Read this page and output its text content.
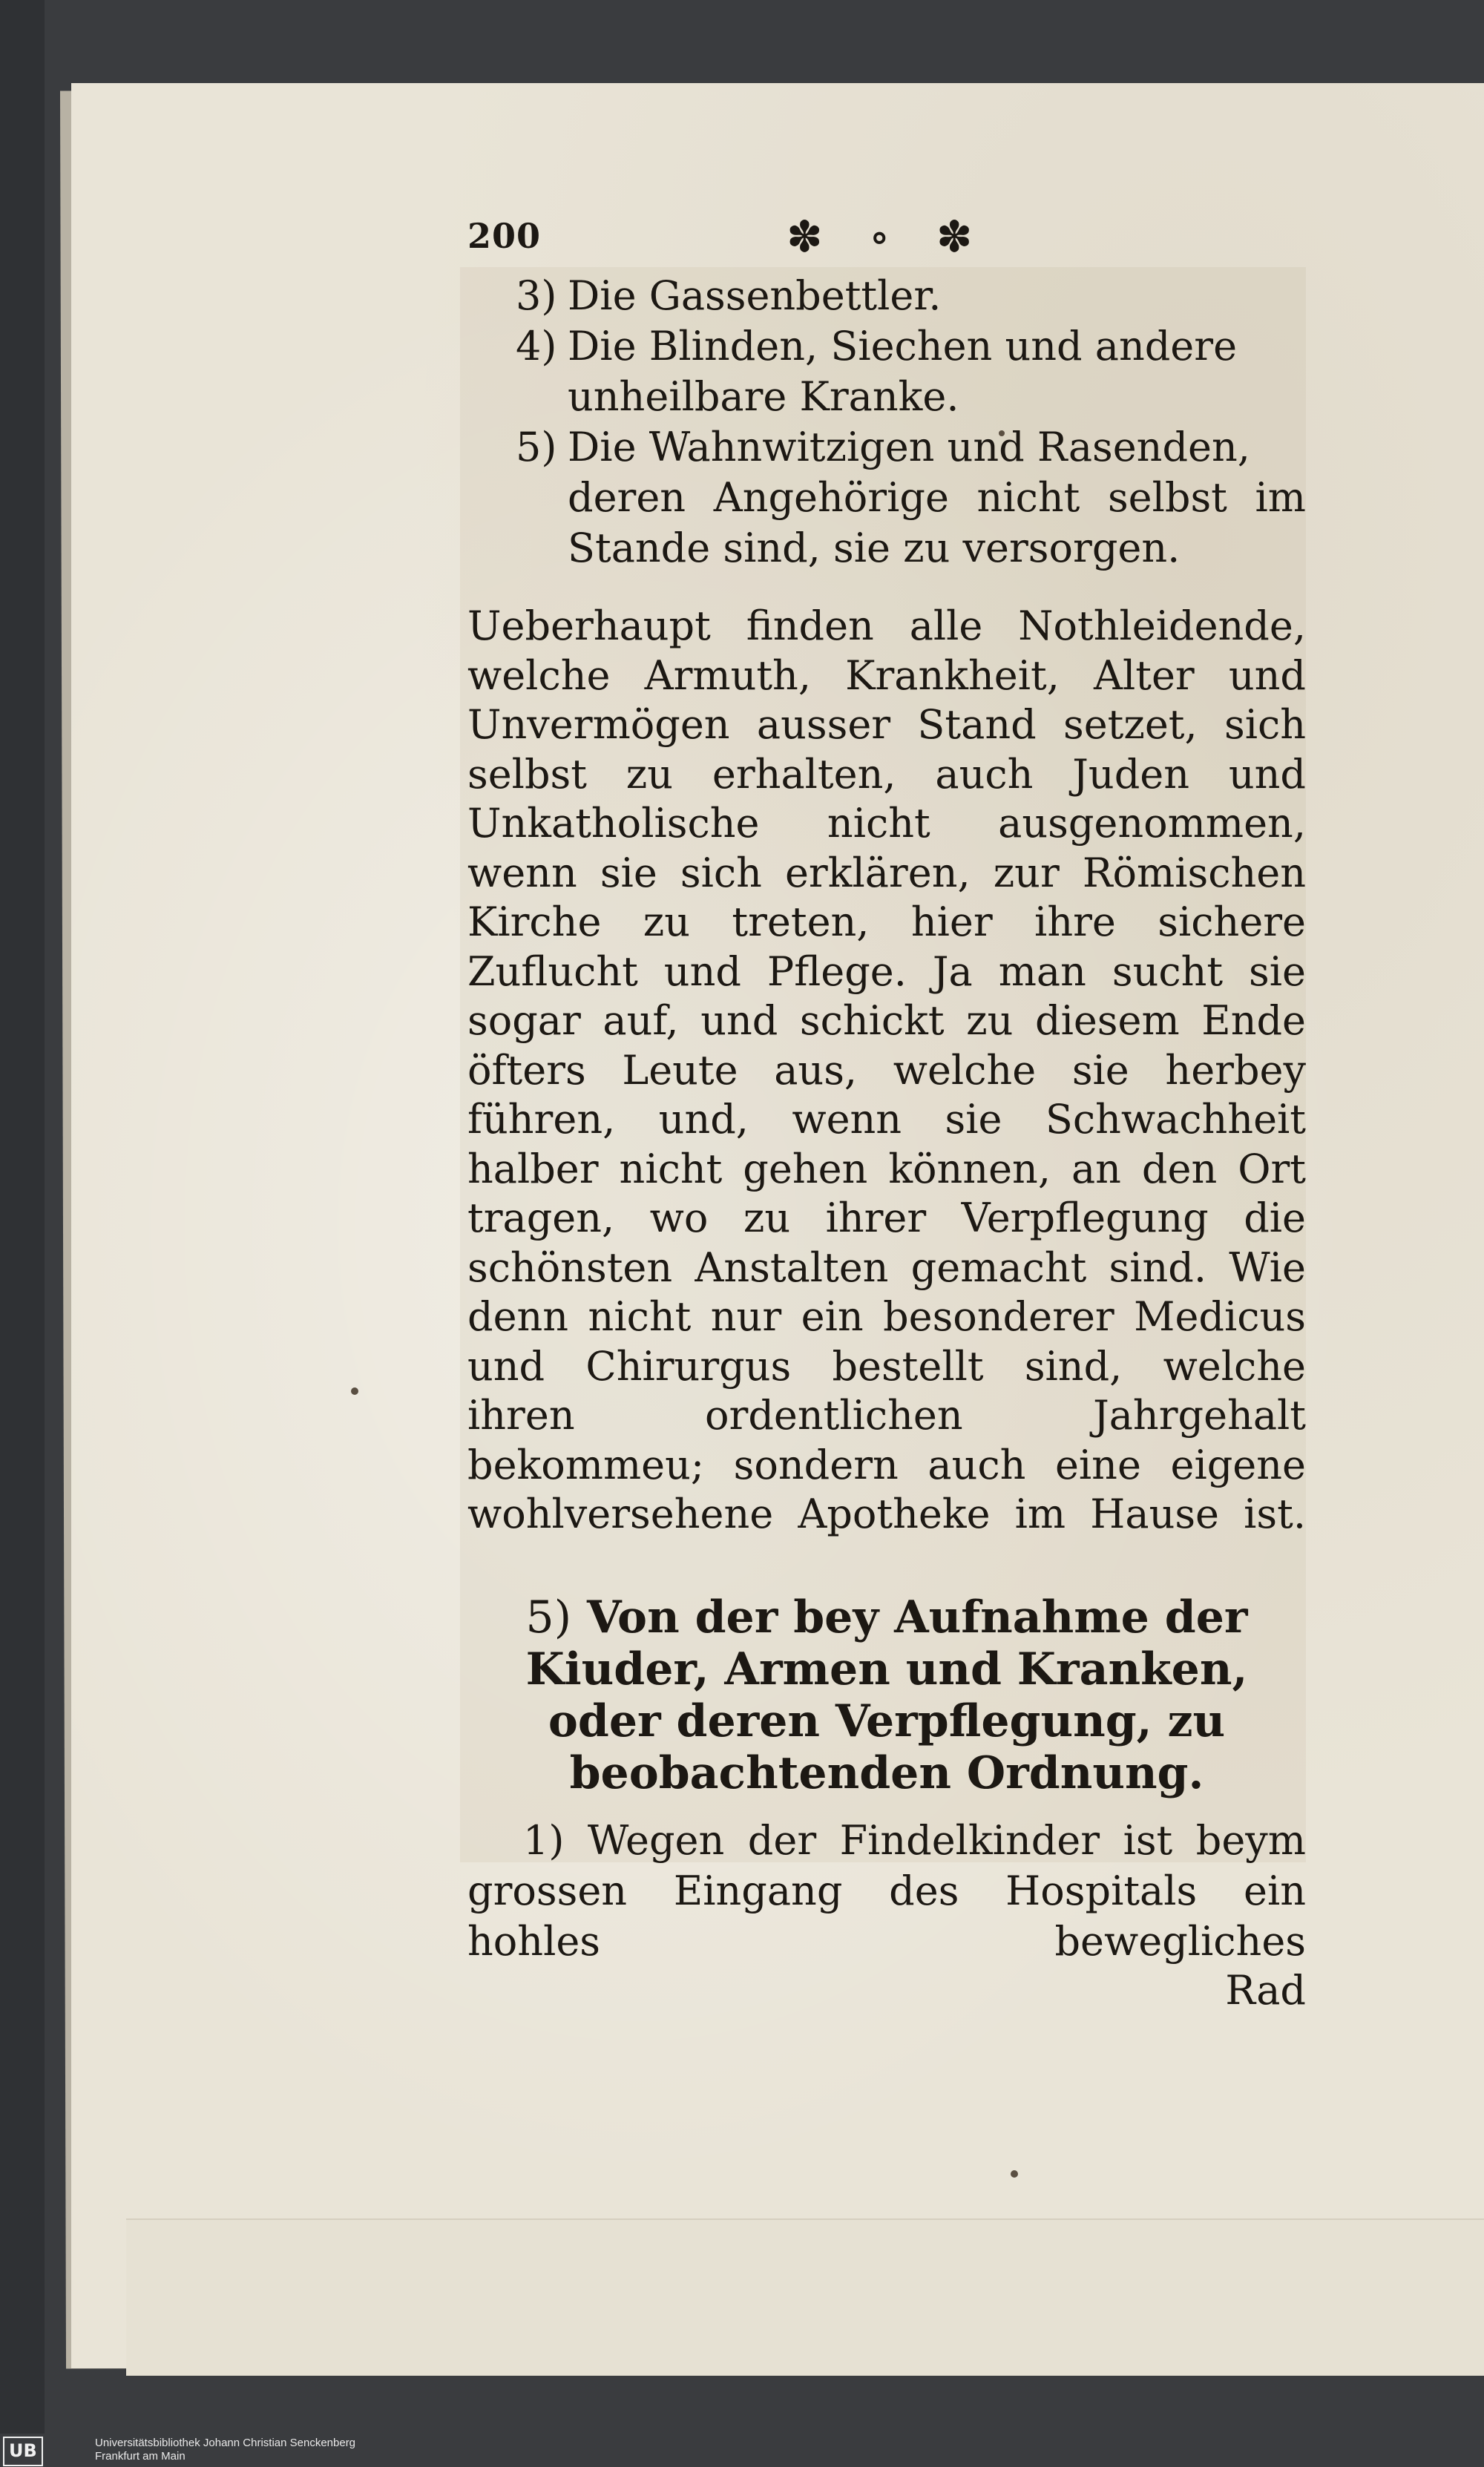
200	✽ ∘ ✽
3) Die Gassenbettler.
4) Die Blinden, Siechen und andere
unheilbare Kranke.
5) Die Wahnwitzigen und Rasenden,
deren Angehörige nicht selbst im Stande sind, sie zu versorgen.
Ueberhaupt finden alle Nothleidende, welche Armuth, Krankheit, Alter und Unvermögen ausser Stand setzet, sich selbst zu erhalten, auch Juden und Unkatholische nicht ausgenommen, wenn sie sich erklären, zur Römischen Kirche zu treten, hier ihre sichere Zuflucht und Pflege. Ja man sucht sie sogar auf, und schickt zu diesem Ende öfters Leute aus, welche sie herbey führen, und, wenn sie Schwachheit halber nicht gehen können, an den Ort tragen, wo zu ihrer Verpflegung die schönsten Anstalten gemacht sind. Wie denn nicht nur ein besonderer Medicus und Chirurgus bestellt sind, welche ihren ordentlichen Jahrgehalt bekommeu; sondern auch eine eigene wohlversehene Apotheke im Hause ist.
5) Von der bey Aufnahme der Kiuder, Armen und Kranken, oder deren Verpflegung, zu beobachtenden Ordnung.
1) Wegen der Findelkinder ist beym grossen Eingang des Hospitals ein hohles bewegliches
Rad
UB	Universitätsbibliothek Johann Christian Senckenberg
Frankfurt am Main
